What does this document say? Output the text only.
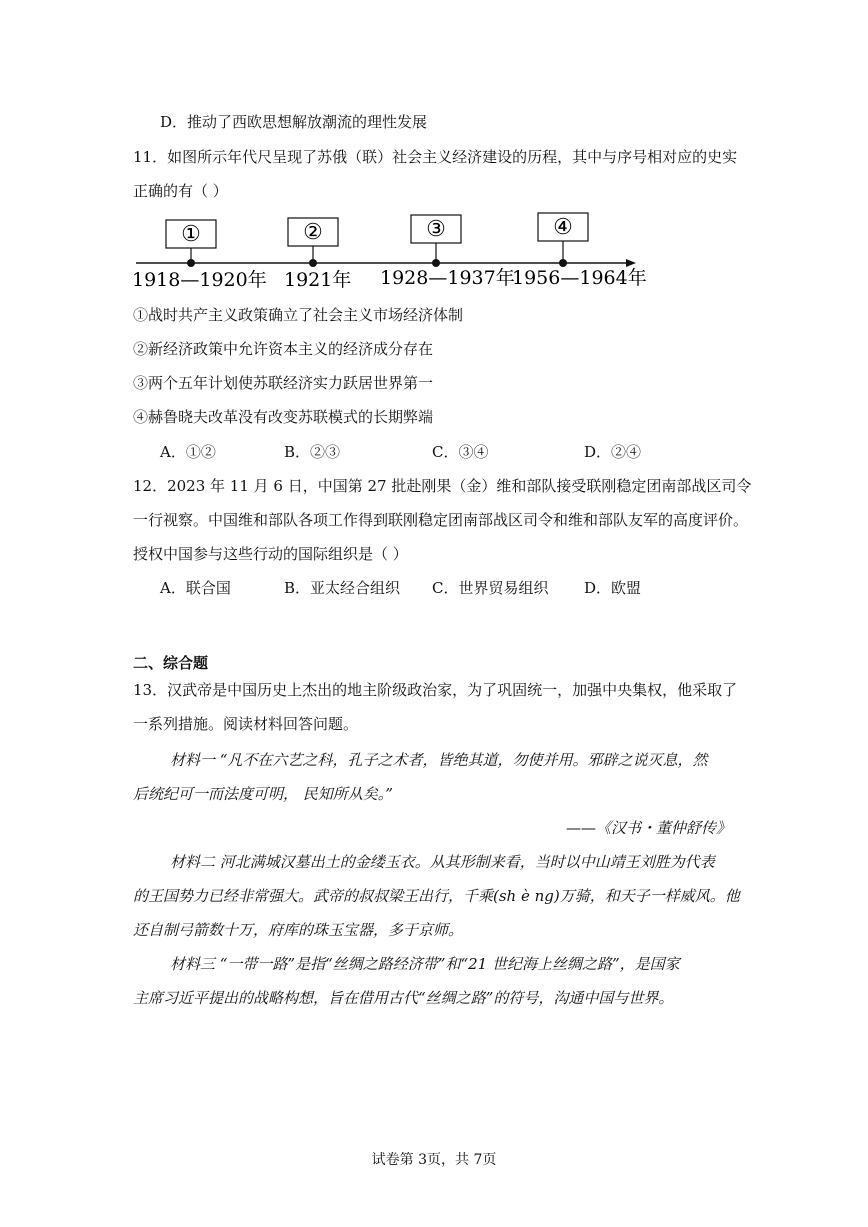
D．推动了西欧思想解放潮流的理性发展
11．如图所示年代尺呈现了苏俄（联）社会主义经济建设的历程，其中与序号相对应的史实
正确的有（ ）
①	②	③	④
1918—1920年 1921年 1928—1937年
1956—1964年
①战时共产主义政策确立了社会主义市场经济体制
②新经济政策中允许资本主义的经济成分存在
③两个五年计划使苏联经济实力跃居世界第一
④赫鲁晓夫改革没有改变苏联模式的长期弊端
A．①②	B．②③	C．③④	D．②④
12．2023 年 11 月 6 日，中国第 27 批赴刚果（金）维和部队接受联刚稳定团南部战区司令
一行视察。中国维和部队各项工作得到联刚稳定团南部战区司令和维和部队友军的高度评价。
授权中国参与这些行动的国际组织是（ ）
A．联合国	B．亚太经合组织 C．世界贸易组织 D．欧盟
二、综合题
13．汉武帝是中国历史上杰出的地主阶级政治家，为了巩固统一，加强中央集权，他采取了
一系列措施。阅读材料回答问题。
材料一 “凡不在六艺之科，孔子之术者，皆绝其道，勿使并用。邪辟之说灭息，然
后统纪可一而法度可明， 民知所从矣。”
——《汉书・董仲舒传》
材料二 河北满城汉墓出土的金缕玉衣。从其形制来看，当时以中山靖王刘胜为代表
的王国势力已经非常强大。武帝的叔叔梁王出行，千乘(sh è ng)万骑，和天子一样威风。他
还自制弓箭数十万，府库的珠玉宝器，多于京师。
材料三 “一带一路”是指“丝绸之路经济带”和“21 世纪海上丝绸之路”，是国家
主席习近平提出的战略构想，旨在借用古代“丝绸之路”的符号，沟通中国与世界。
试卷第 3页，共 7页
